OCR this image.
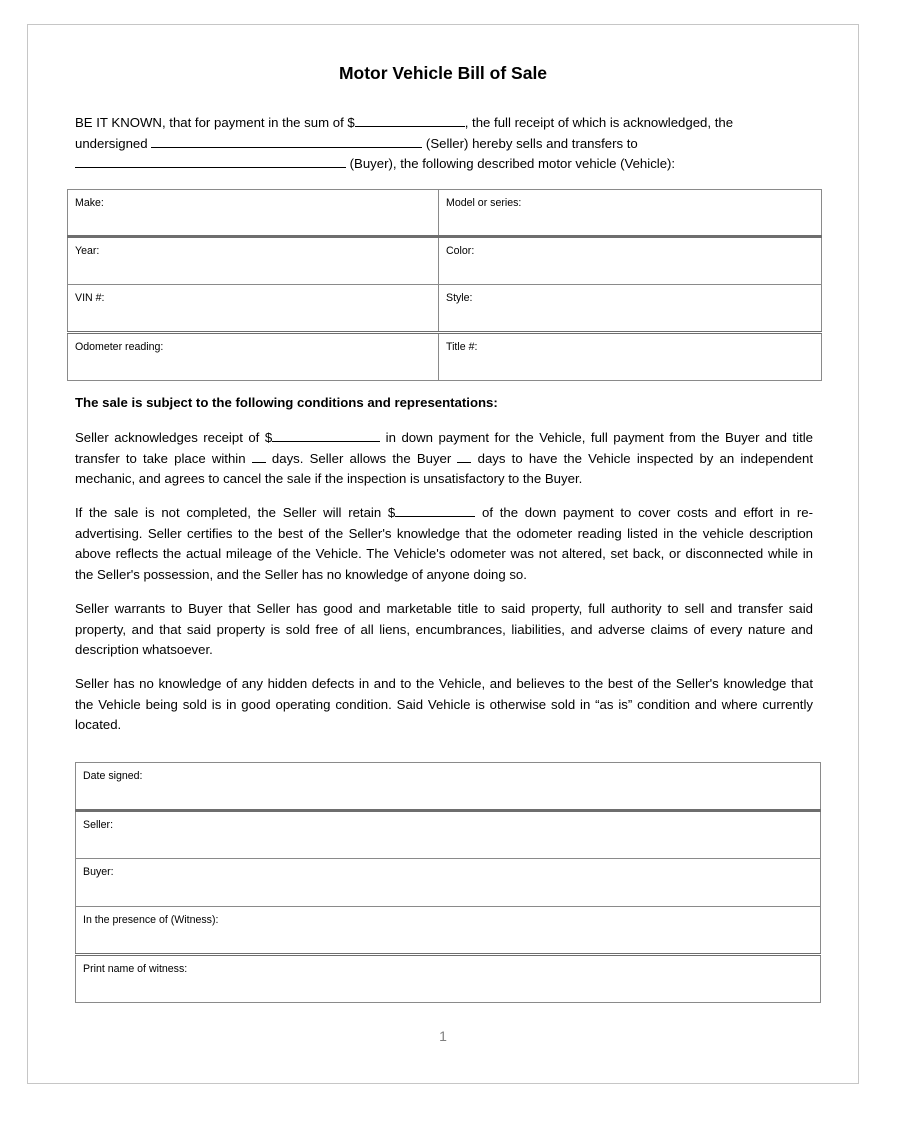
Motor Vehicle Bill of Sale
BE IT KNOWN, that for payment in the sum of $	, the full receipt of which is acknowledged, the
undersigned	(Seller) hereby sells and transfers to
(Buyer), the following described motor vehicle (Vehicle):
Make:	Model or series:
Year:	Color:
VIN #:	Style:
Odometer reading:	Title #:
The sale is subject to the following conditions and representations:
Seller acknowledges receipt of $	in down payment for the Vehicle, full payment from the Buyer and title transfer to take place within  days. Seller allows the Buyer  days to have the Vehicle inspected by an independent mechanic, and agrees to cancel the sale if the inspection is unsatisfactory to the Buyer.
If the sale is not completed, the Seller will retain $	of the down payment to cover costs and effort in re-advertising. Seller certifies to the best of the Seller's knowledge that the odometer reading listed in the vehicle description above reflects the actual mileage of the Vehicle. The Vehicle's odometer was not altered, set back, or disconnected while in the Seller's possession, and the Seller has no knowledge of anyone doing so.
Seller warrants to Buyer that Seller has good and marketable title to said property, full authority to sell and transfer said property, and that said property is sold free of all liens, encumbrances, liabilities, and adverse claims of every nature and description whatsoever.
Seller has no knowledge of any hidden defects in and to the Vehicle, and believes to the best of the Seller's knowledge that the Vehicle being sold is in good operating condition. Said Vehicle is otherwise sold in “as is” condition and where currently located.
Date signed:
Seller:
Buyer:
In the presence of (Witness):
Print name of witness:
1
